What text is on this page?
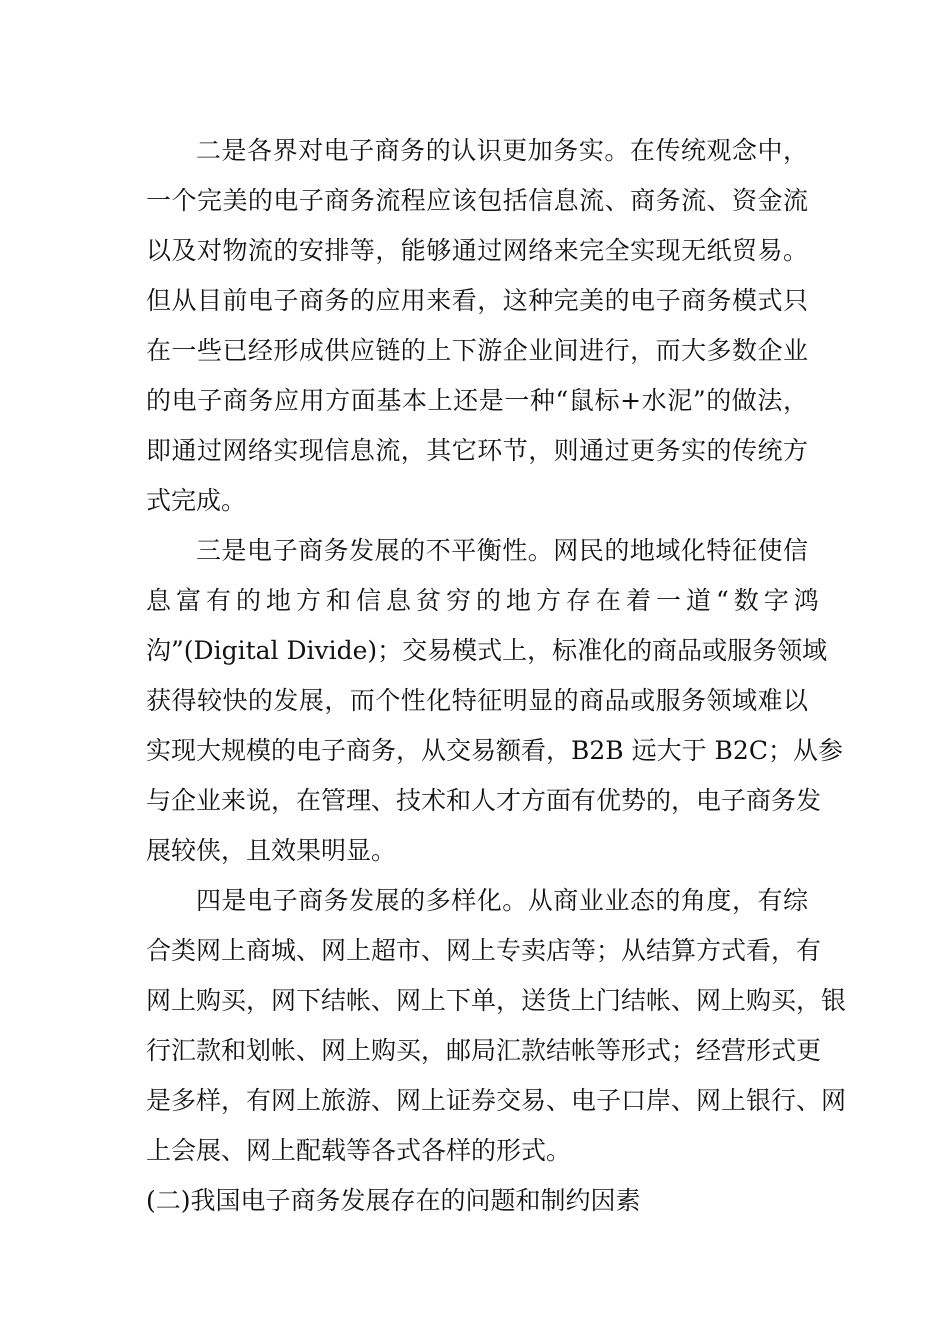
二是各界对电子商务的认识更加务实。在传统观念中，
一个完美的电子商务流程应该包括信息流、商务流、资金流
以及对物流的安排等，能够通过网络来完全实现无纸贸易。
但从目前电子商务的应用来看，这种完美的电子商务模式只
在一些已经形成供应链的上下游企业间进行，而大多数企业
的电子商务应用方面基本上还是一种“鼠标+水泥”的做法，
即通过网络实现信息流，其它环节，则通过更务实的传统方
式完成。
三是电子商务发展的不平衡性。网民的地域化特征使信
息富有的地方和信息贫穷的地方存在着一道“数字鸿
沟”(Digital Divide)；交易模式上，标准化的商品或服务领域
获得较快的发展，而个性化特征明显的商品或服务领域难以
实现大规模的电子商务，从交易额看，B2B 远大于 B2C；从参
与企业来说，在管理、技术和人才方面有优势的，电子商务发
展较侠，且效果明显。
四是电子商务发展的多样化。从商业业态的角度，有综
合类网上商城、网上超市、网上专卖店等；从结算方式看，有
网上购买，网下结帐、网上下单，送货上门结帐、网上购买，银
行汇款和划帐、网上购买，邮局汇款结帐等形式；经营形式更
是多样，有网上旅游、网上证券交易、电子口岸、网上银行、网
上会展、网上配载等各式各样的形式。
(二)我国电子商务发展存在的问题和制约因素
